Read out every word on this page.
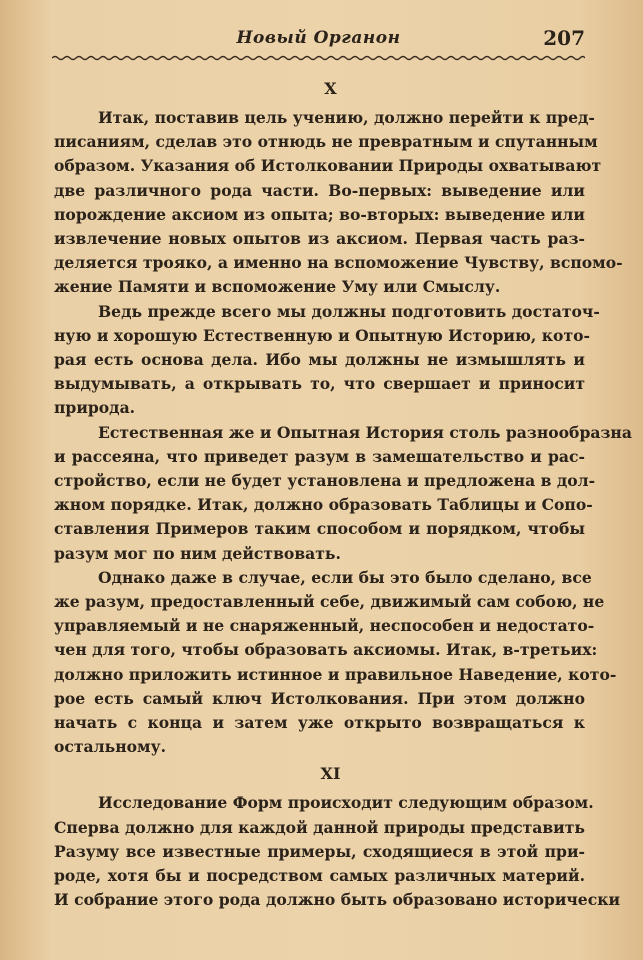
Новый Органон	207
X

Итак, поставив цель учению, должно перейти к пред-
писаниям, сделав это отнюдь не превратным и спутанным
образом. Указания об Истолковании Природы охватывают
две различного рода части. Во-первых: выведение или
порождение аксиом из опыта; во-вторых: выведение или
извлечение новых опытов из аксиом. Первая часть раз-
деляется трояко, а именно на вспоможение Чувству, вспомо-
жение Памяти и вспоможение Уму или Смыслу.

Ведь прежде всего мы должны подготовить достаточ-
ную и хорошую Естественную и Опытную Историю, кото-
рая есть основа дела. Ибо мы должны не измышлять и
выдумывать, а открывать то, что свершает и приносит
природа.

Естественная же и Опытная История столь разнообразна
и рассеяна, что приведет разум в замешательство и рас-
стройство, если не будет установлена и предложена в дол-
жном порядке. Итак, должно образовать Таблицы и Сопо-
ставления Примеров таким способом и порядком, чтобы
разум мог по ним действовать.

Однако даже в случае, если бы это было сделано, все
же разум, предоставленный себе, движимый сам собою, не
управляемый и не снаряженный, неспособен и недостато-
чен для того, чтобы образовать аксиомы. Итак, в-третьих:
должно приложить истинное и правильное Наведение, кото-
рое есть самый ключ Истолкования. При этом должно
начать с конца и затем уже открыто возвращаться к
остальному.

XI

Исследование Форм происходит следующим образом.
Сперва должно для каждой данной природы представить
Разуму все известные примеры, сходящиеся в этой при-
роде, хотя бы и посредством самых различных материй.
И собрание этого рода должно быть образовано исторически
